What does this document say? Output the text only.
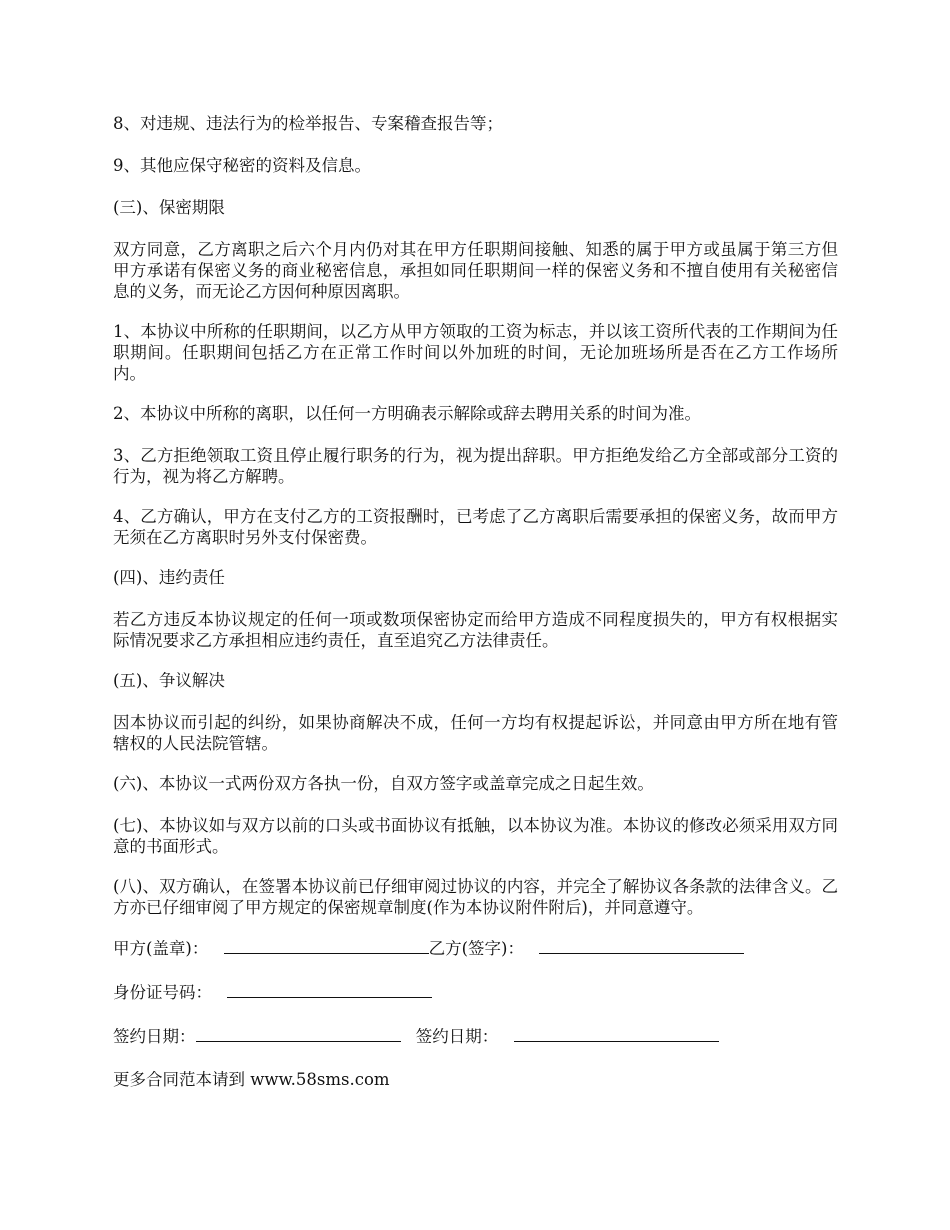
8、对违规、违法行为的检举报告、专案稽查报告等；

9、其他应保守秘密的资料及信息。

(三)、保密期限

双方同意，乙方离职之后六个月内仍对其在甲方任职期间接触、知悉的属于甲方或虽属于第三方但甲方承诺有保密义务的商业秘密信息，承担如同任职期间一样的保密义务和不擅自使用有关秘密信息的义务，而无论乙方因何种原因离职。

1、本协议中所称的任职期间，以乙方从甲方领取的工资为标志，并以该工资所代表的工作期间为任职期间。任职期间包括乙方在正常工作时间以外加班的时间，无论加班场所是否在乙方工作场所内。

2、本协议中所称的离职，以任何一方明确表示解除或辞去聘用关系的时间为准。

3、乙方拒绝领取工资且停止履行职务的行为，视为提出辞职。甲方拒绝发给乙方全部或部分工资的行为，视为将乙方解聘。

4、乙方确认，甲方在支付乙方的工资报酬时，已考虑了乙方离职后需要承担的保密义务，故而甲方无须在乙方离职时另外支付保密费。

(四)、违约责任

若乙方违反本协议规定的任何一项或数项保密协定而给甲方造成不同程度损失的，甲方有权根据实际情况要求乙方承担相应违约责任，直至追究乙方法律责任。

(五)、争议解决

因本协议而引起的纠纷，如果协商解决不成，任何一方均有权提起诉讼，并同意由甲方所在地有管辖权的人民法院管辖。

(六)、本协议一式两份双方各执一份，自双方签字或盖章完成之日起生效。

(七)、本协议如与双方以前的口头或书面协议有抵触，以本协议为准。本协议的修改必须采用双方同意的书面形式。

(八)、双方确认，在签署本协议前已仔细审阅过协议的内容，并完全了解协议各条款的法律含义。乙方亦已仔细审阅了甲方规定的保密规章制度(作为本协议附件附后)，并同意遵守。

甲方(盖章)：	乙方(签字)：
身份证号码：
签约日期：	签约日期：

更多合同范本请到 www.58sms.com
